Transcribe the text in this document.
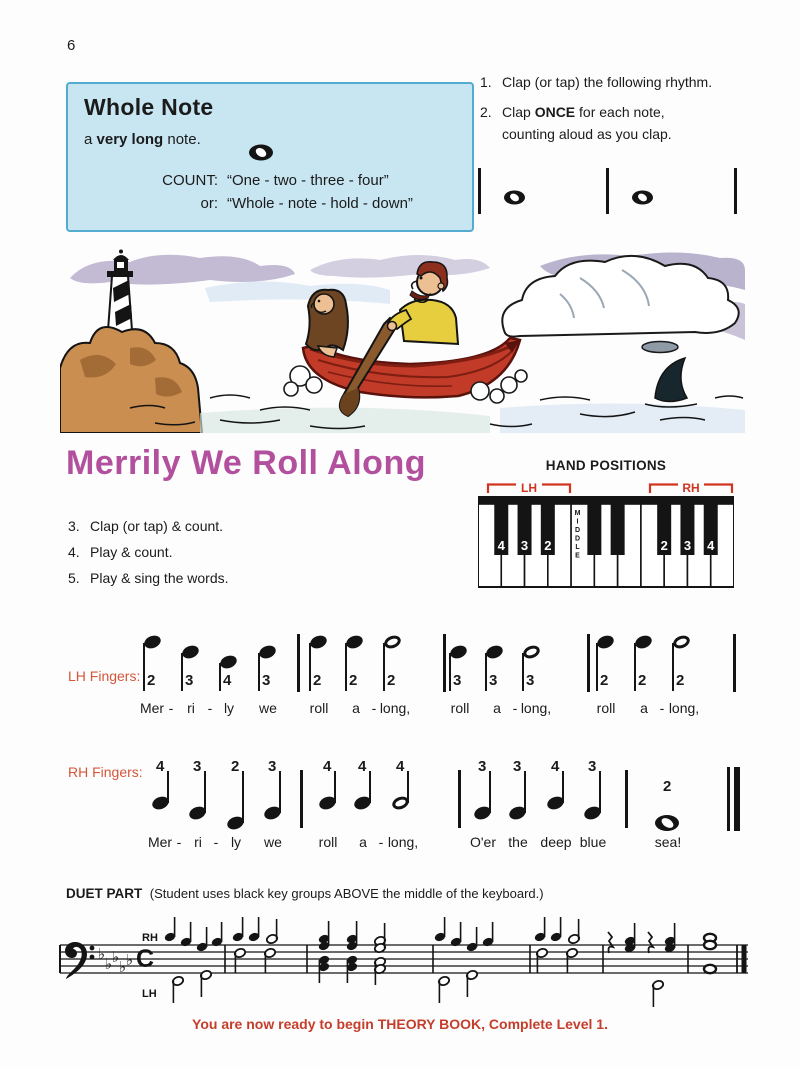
6
Whole Note
a very long note.
COUNT: “One - two - three - four”
or: “Whole - note - hold - down”
1. Clap (or tap) the following rhythm.
2. Clap ONCE for each note,
counting aloud as you clap.
Merrily We Roll Along	HAND POSITIONS
LH	RH
4 3 2	2 3 4
MIDDLE
3. Clap (or tap) & count.
4. Play & count.
5. Play & sing the words.
LH Fingers:
RH Fingers:
2 3 4 3	2 2 2	3 3 3	2 2 2
Mer - ri - ly we roll a - long,	roll a - long,	roll a - long,
4 3 2 3	4 4 4	3 3 4 3
2
Mer - ri - ly we	roll a - long,	O'er the deep blue	sea!
DUET PART (Student uses black key groups ABOVE the middle of the keyboard.)
♭
♭ ♭
♭ ♭ C
RH
LH
You are now ready to begin THEORY BOOK, Complete Level 1.
